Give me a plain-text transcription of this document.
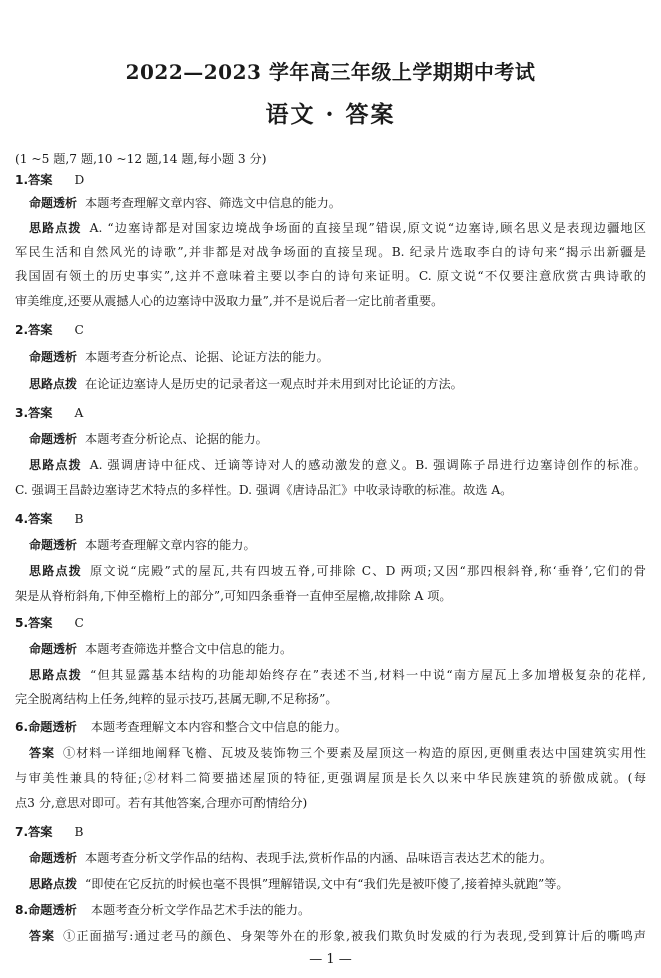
2022—2023 学年高三年级上学期期中考试
语文 · 答案
(1 ~5 题,7 题,10 ~12 题,14 题,每小题 3 分)
1.答案 D
命题透析 本题考查理解文章内容、筛选文中信息的能力。
思路点拨 A. “边塞诗都是对国家边境战争场面的直接呈现”错误,原文说“边塞诗,顾名思义是表现边疆地区
军民生活和自然风光的诗歌”,并非都是对战争场面的直接呈现。B. 纪录片选取李白的诗句来“揭示出新疆是
我国固有领土的历史事实”,这并不意味着主要以李白的诗句来证明。C. 原文说“不仅要注意欣赏古典诗歌的
审美维度,还要从震撼人心的边塞诗中汲取力量”,并不是说后者一定比前者重要。
2.答案 C
命题透析 本题考查分析论点、论据、论证方法的能力。
思路点拨 在论证边塞诗人是历史的记录者这一观点时并未用到对比论证的方法。
3.答案 A
命题透析 本题考查分析论点、论据的能力。
思路点拨 A. 强调唐诗中征戍、迁谪等诗对人的感动激发的意义。B. 强调陈子昂进行边塞诗创作的标准。
C. 强调王昌龄边塞诗艺术特点的多样性。D. 强调《唐诗品汇》中收录诗歌的标准。故选 A。
4.答案 B
命题透析 本题考查理解文章内容的能力。
思路点拨 原文说“庑殿”式的屋瓦,共有四坡五脊,可排除 C、D 两项;又因“那四根斜脊,称‘垂脊’,它们的骨
架是从脊桁斜角,下伸至檐桁上的部分”,可知四条垂脊一直伸至屋檐,故排除 A 项。
5.答案 C
命题透析 本题考查筛选并整合文中信息的能力。
思路点拨 “但其显露基本结构的功能却始终存在”表述不当,材料一中说“南方屋瓦上多加增极复杂的花样,
完全脱离结构上任务,纯粹的显示技巧,甚属无聊,不足称扬”。
6.命题透析 本题考查理解文本内容和整合文中信息的能力。
答案 ①材料一详细地阐释飞檐、瓦坡及装饰物三个要素及屋顶这一构造的原因,更侧重表达中国建筑实用性
与审美性兼具的特征;②材料二简要描述屋顶的特征,更强调屋顶是长久以来中华民族建筑的骄傲成就。(每
点3 分,意思对即可。若有其他答案,合理亦可酌情给分)
7.答案 B
命题透析 本题考查分析文学作品的结构、表现手法,赏析作品的内涵、品味语言表达艺术的能力。
思路点拨 “即使在它反抗的时候也毫不畏惧”理解错误,文中有“我们先是被吓傻了,接着掉头就跑”等。
8.命题透析 本题考查分析文学作品艺术手法的能力。
答案 ①正面描写:通过老马的颜色、身架等外在的形象,被我们欺负时发威的行为表现,受到算计后的嘶鸣声
— 1 —
